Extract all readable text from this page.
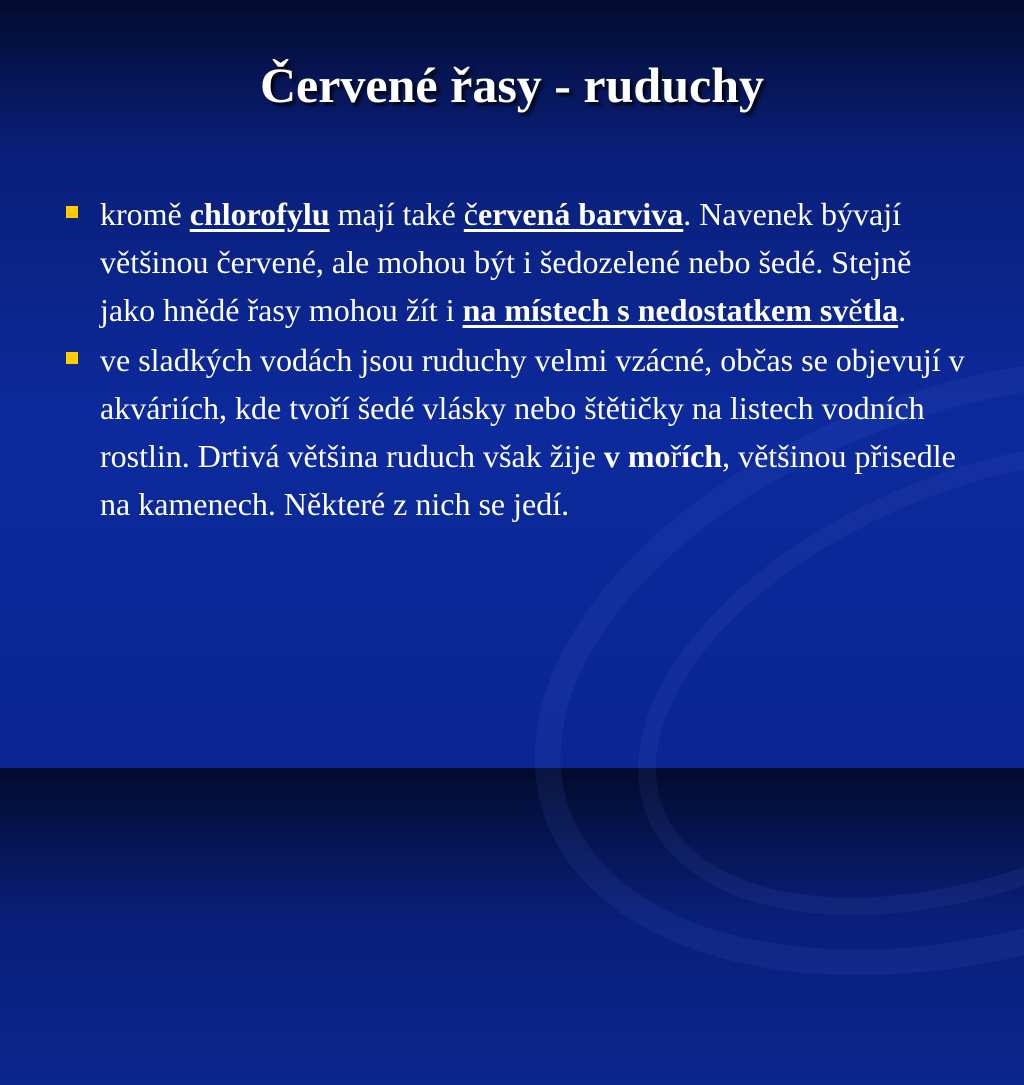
Červené řasy - ruduchy
kromě chlorofylu mají také červená barviva. Navenek bývají většinou červené, ale mohou být i šedozelené nebo šedé. Stejně jako hnědé řasy mohou žít i na místech s nedostatkem světla.
ve sladkých vodách jsou ruduchy velmi vzácné, občas se objevují v akváriích, kde tvoří šedé vlásky nebo štětičky na listech vodních rostlin. Drtivá většina ruduch však žije v mořích, většinou přisedle na kamenech. Některé z nich se jedí.
